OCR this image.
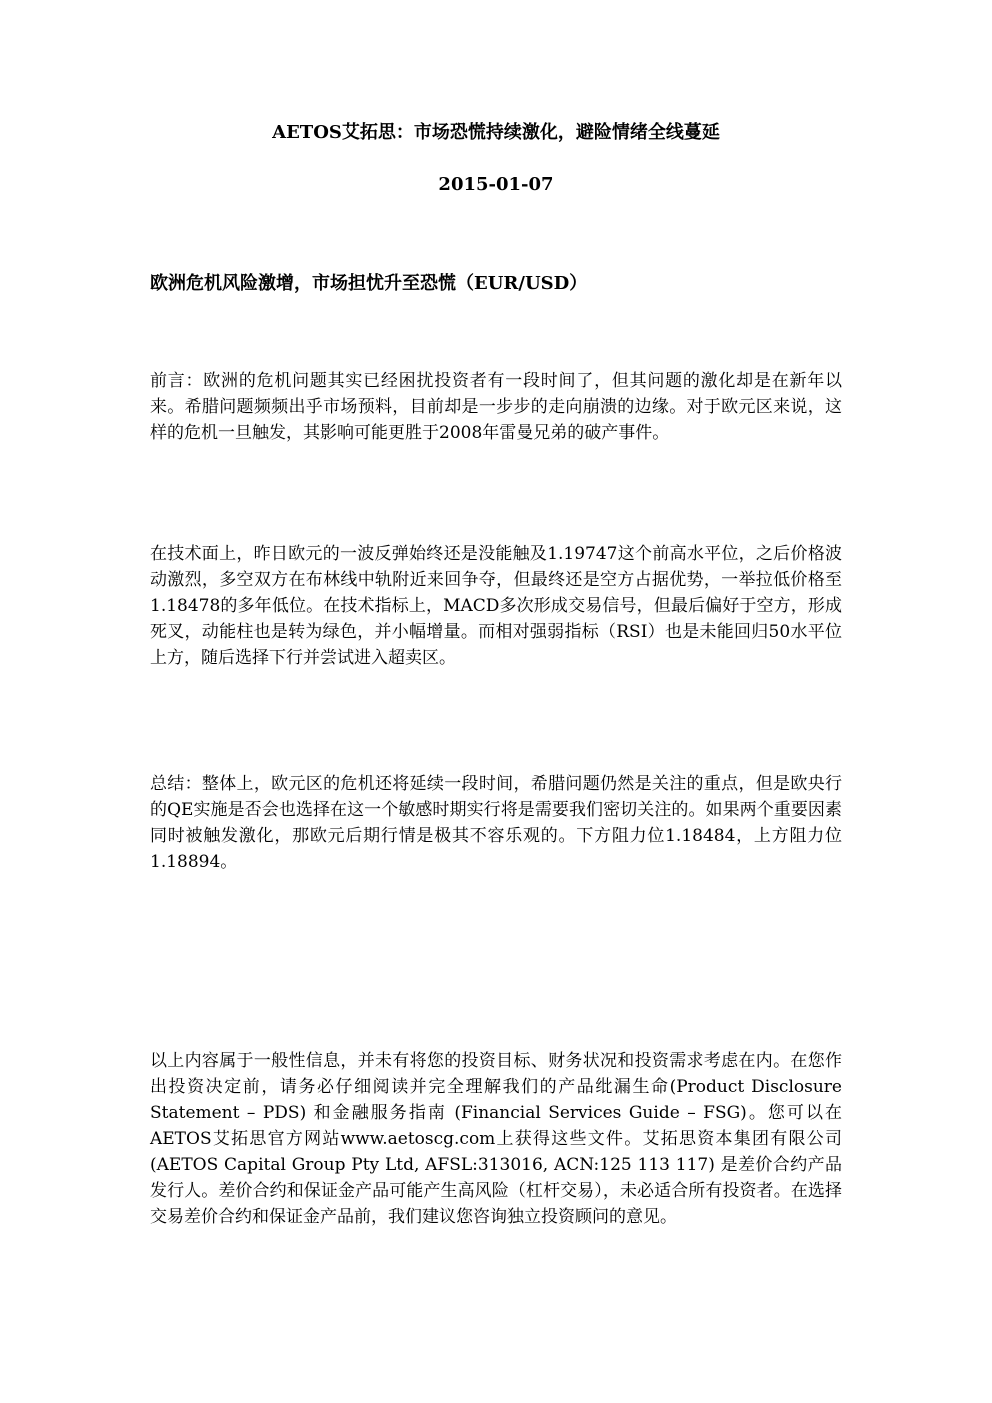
AETOS艾拓思：市场恐慌持续激化，避险情绪全线蔓延
2015-01-07
欧洲危机风险激增，市场担忧升至恐慌（EUR/USD）

前言：欧洲的危机问题其实已经困扰投资者有一段时间了，但其问题的激化却是在新年以来。希腊问题频频出乎市场预料，目前却是一步步的走向崩溃的边缘。对于欧元区来说，这样的危机一旦触发，其影响可能更胜于2008年雷曼兄弟的破产事件。

在技术面上，昨日欧元的一波反弹始终还是没能触及1.19747这个前高水平位，之后价格波动激烈，多空双方在布林线中轨附近来回争夺，但最终还是空方占据优势，一举拉低价格至1.18478的多年低位。在技术指标上，MACD多次形成交易信号，但最后偏好于空方，形成死叉，动能柱也是转为绿色，并小幅增量。而相对强弱指标（RSI）也是未能回归50水平位上方，随后选择下行并尝试进入超卖区。

总结：整体上，欧元区的危机还将延续一段时间，希腊问题仍然是关注的重点，但是欧央行的QE实施是否会也选择在这一个敏感时期实行将是需要我们密切关注的。如果两个重要因素同时被触发激化，那欧元后期行情是极其不容乐观的。下方阻力位1.18484，上方阻力位1.18894。

以上内容属于一般性信息，并未有将您的投资目标、财务状况和投资需求考虑在内。在您作出投资决定前，请务必仔细阅读并完全理解我们的产品纰漏生命(Product Disclosure Statement – PDS) 和金融服务指南 (Financial Services Guide – FSG)。您可以在AETOS艾拓思官方网站www.aetoscg.com上获得这些文件。艾拓思资本集团有限公司(AETOS Capital Group Pty Ltd, AFSL:313016, ACN:125 113 117) 是差价合约产品发行人。差价合约和保证金产品可能产生高风险（杠杆交易），未必适合所有投资者。在选择交易差价合约和保证金产品前，我们建议您咨询独立投资顾问的意见。
